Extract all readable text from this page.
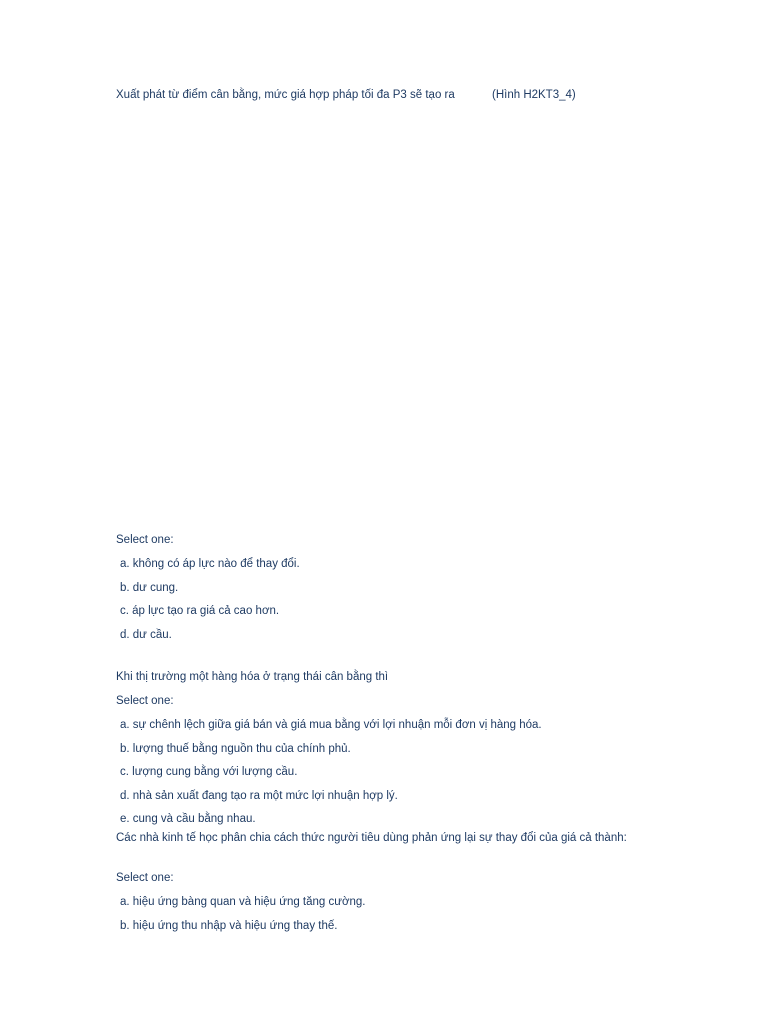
Xuất phát từ điểm cân bằng, mức giá hợp pháp tối đa P3 sẽ tạo ra	(Hình H2KT3_4)
Select one:
a. không có áp lực nào để thay đổi.
b. dư cung.
c. áp lực tạo ra giá cả cao hơn.
d. dư cầu.
Khi thị trường một hàng hóa ở trạng thái cân bằng thì
Select one:
a. sự chênh lệch giữa giá bán và giá mua bằng với lợi nhuận mỗi đơn vị hàng hóa.
b. lượng thuế bằng nguồn thu của chính phủ.
c. lượng cung bằng với lượng cầu.
d. nhà sản xuất đang tạo ra một mức lợi nhuận hợp lý.
e. cung và cầu bằng nhau.
Các nhà kinh tế học phân chia cách thức người tiêu dùng phản ứng lại sự thay đổi của giá cả thành:
Select one:
a. hiệu ứng bàng quan và hiệu ứng tăng cường.
b. hiệu ứng thu nhập và hiệu ứng thay thế.
